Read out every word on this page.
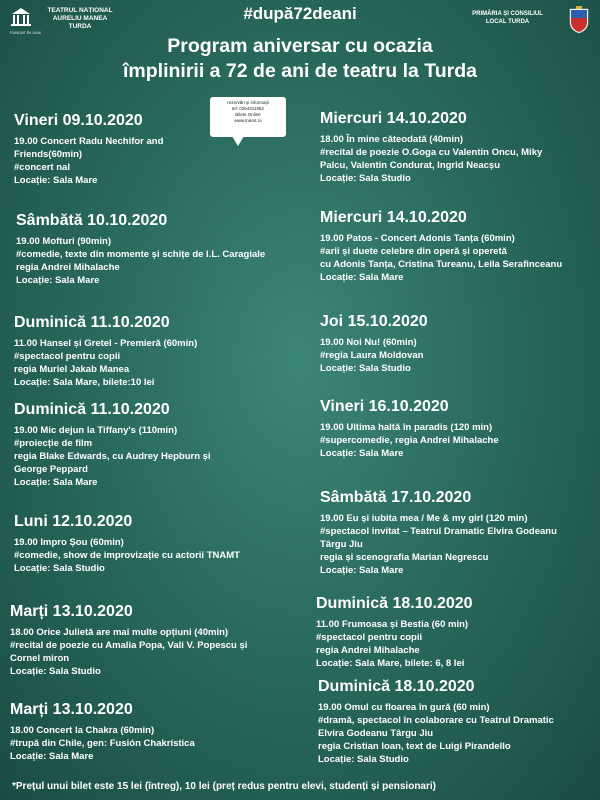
FUNDAT ÎN 1946
TEATRUL NAȚIONAL
AURELIU MANEA
TURDA
PRIMĂRIA ȘI CONSILIUL
LOCAL TURDA
#după72deani
Program aniversar cu ocazia
împlinirii a 72 de ani de teatru la Turda
rezervări și informații
tel: 0264311952
Bilete Online
www.tnamt.ro
Vineri 09.10.2020
19.00 Concert Radu Nechifor and
Friends(60min)
#concert nal
Locație: Sala Mare
Sâmbătă 10.10.2020
19.00 Mofturi (90min)
#comedie, texte din momente și schițe de I.L. Caragiale
regia Andrei Mihalache
Locație: Sala Mare
Duminică 11.10.2020
11.00 Hansel și Gretel - Premieră (60min)
#spectacol pentru copii
regia Muriel Jakab Manea
Locație: Sala Mare, bilete:10 lei
Duminică 11.10.2020
19.00 Mic dejun la Tiffany's (110min)
#proiecție de film
regia Blake Edwards, cu Audrey Hepburn și
George Peppard
Locație: Sala Mare
Luni 12.10.2020
19.00 Impro Șou (60min)
#comedie, show de improvizație cu actorii TNAMT
Locație: Sala Studio
Marți 13.10.2020
18.00 Orice Julietă are mai multe opțiuni (40min)
#recital de poezie cu Amalia Popa, Vali V. Popescu și
Cornel miron
Locație: Sala Studio
Marți 13.10.2020
18.00 Concert la Chakra (60min)
#trupă din Chile, gen: Fusión Chakrística
Locație: Sala Mare
Miercuri 14.10.2020
18.00 În mine căteodată (40min)
#recital de poezie O.Goga cu Valentin Oncu, Miky
Palcu, Valentin Condurat, Ingrid Neacșu
Locație: Sala Studio
Miercuri 14.10.2020
19.00 Patos - Concert Adonis Tanța (60min)
#arii și duete celebre din operă și operetă
cu Adonis Tanța, Cristina Tureanu, Leila Serafinceanu
Locație: Sala Mare
Joi 15.10.2020
19.00 Noi Nu! (60min)
#regia Laura Moldovan
Locație: Sala Studio
Vineri 16.10.2020
19.00 Ultima haltă în paradis (120 min)
#supercomedie, regia Andrei Mihalache
Locație: Sala Mare
Sâmbătă 17.10.2020
19.00 Eu și iubita mea / Me & my girl (120 min)
#spectacol invitat – Teatrul Dramatic Elvira Godeanu
Târgu Jiu
regia și scenografia Marian Negrescu
Locație: Sala Mare
Duminică 18.10.2020
11.00 Frumoasa și Bestia (60 min)
#spectacol pentru copii
regia Andrei Mihalache
Locație: Sala Mare, bilete: 6, 8 lei
Duminică 18.10.2020
19.00 Omul cu floarea în gură (60 min)
#dramă, spectacol în colaborare cu Teatrul Dramatic
Elvira Godeanu Târgu Jiu
regia Cristian Ioan, text de Luigi Pirandello
Locație: Sala Studio
*Prețul unui bilet este 15 lei (întreg), 10 lei (preț redus pentru elevi, studenți și pensionari)
